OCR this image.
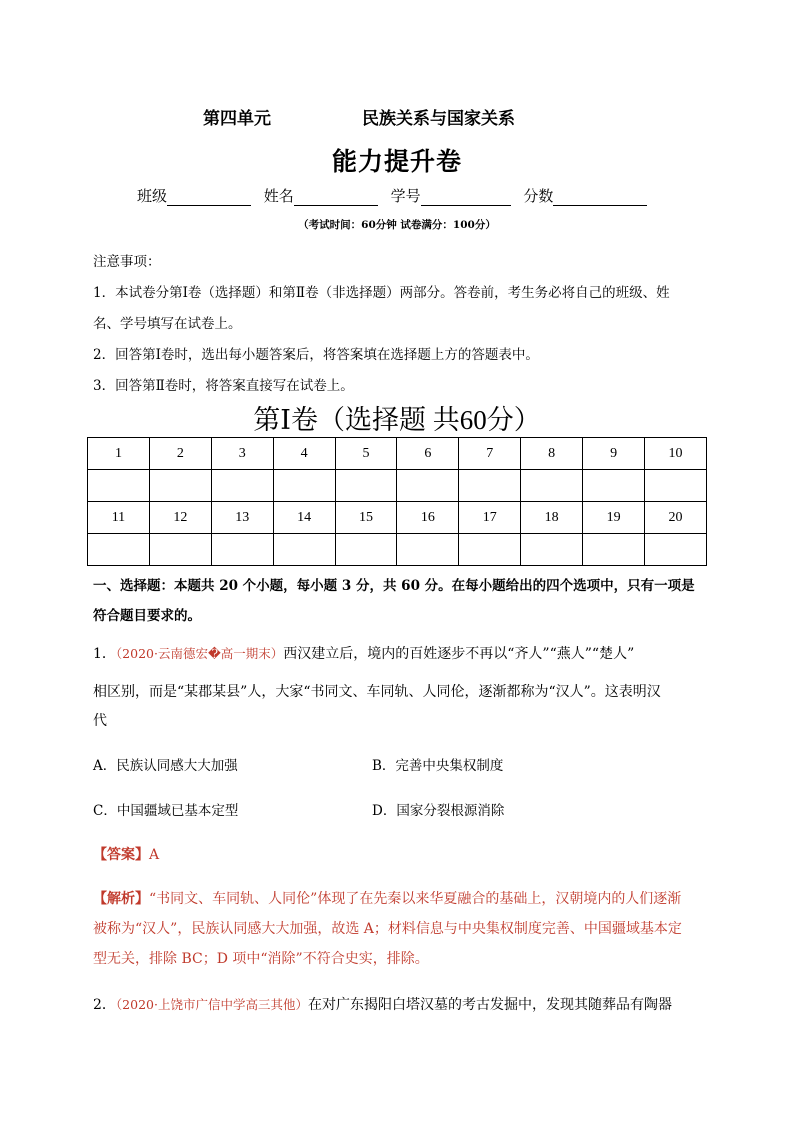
第四单元	民族关系与国家关系
能力提升卷
班级	姓名	学号	分数
（考试时间：60分钟 试卷满分：100分）
注意事项：
1．本试卷分第Ⅰ卷（选择题）和第Ⅱ卷（非选择题）两部分。答卷前，考生务必将自己的班级、姓
名、学号填写在试卷上。
2．回答第Ⅰ卷时，选出每小题答案后，将答案填在选择题上方的答题表中。
3．回答第Ⅱ卷时，将答案直接写在试卷上。
第Ⅰ卷（选择题 共60分）
1	2	3	4	5	6	7	8	9	10

11	12	13	14	15	16	17	18	19	20

一、选择题：本题共 20 个小题，每小题 3 分，共 60 分。在每小题给出的四个选项中，只有一项是
符合题目要求的。
1．（2020·云南德宏�高一期末）西汉建立后，境内的百姓逐步不再以“齐人”“燕人”“楚人”
相区别，而是“某郡某县”人，大家“书同文、车同轨、人同伦，逐渐都称为“汉人”。这表明汉
代
A．民族认同感大大加强	B．完善中央集权制度
C．中国疆域已基本定型	D．国家分裂根源消除
【答案】A
【解析】“书同文、车同轨、人同伦”体现了在先秦以来华夏融合的基础上，汉朝境内的人们逐渐
被称为“汉人”，民族认同感大大加强，故选 A；材料信息与中央集权制度完善、中国疆域基本定
型无关，排除 BC；D 项中“消除”不符合史实，排除。
2．（2020·上饶市广信中学高三其他）在对广东揭阳白塔汉墓的考古发掘中，发现其随葬品有陶器
